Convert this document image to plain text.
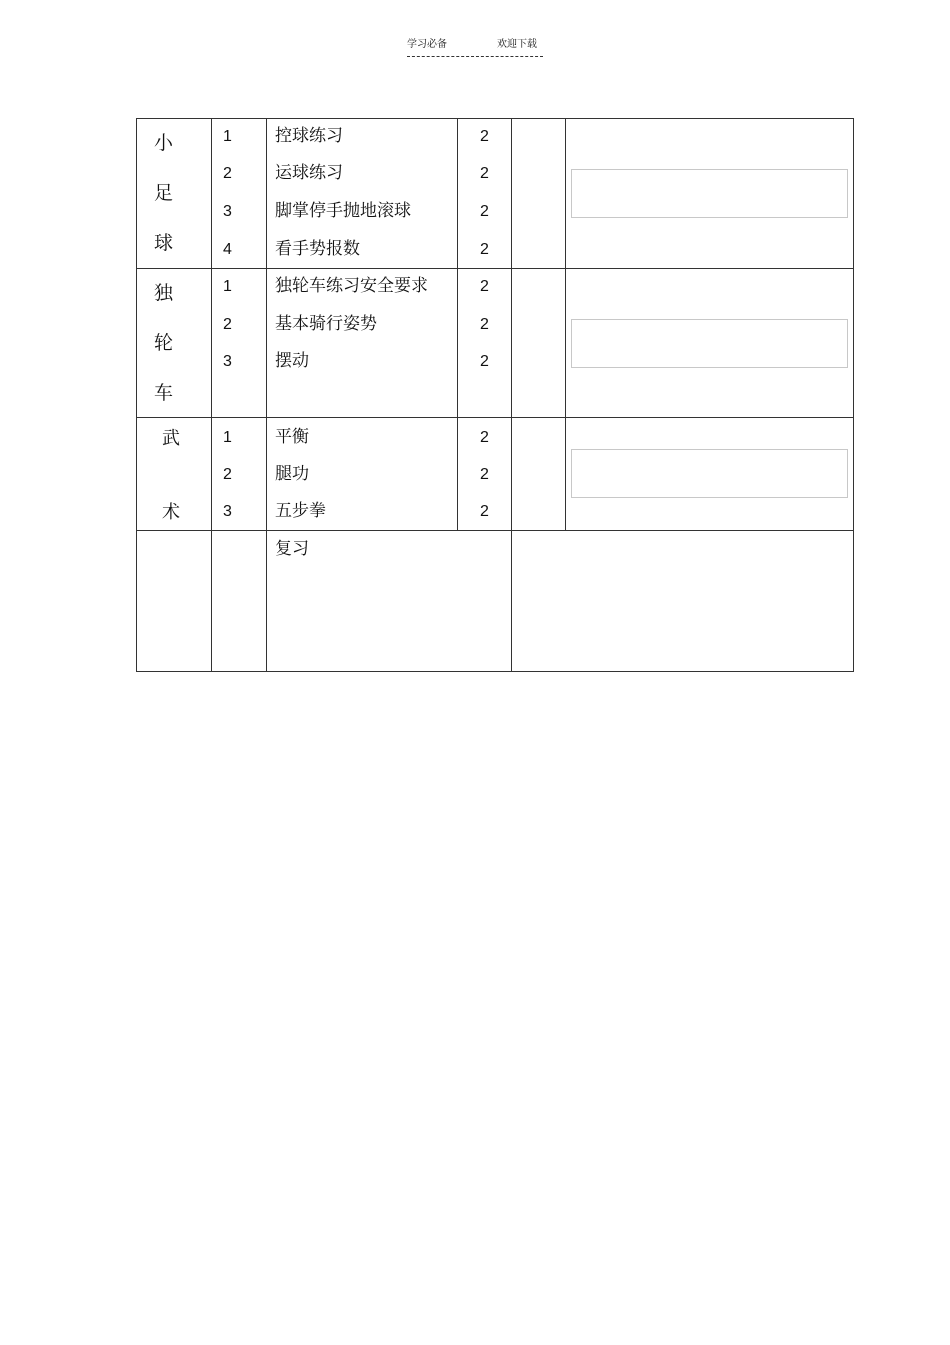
学习必备	欢迎下载
小
足
球
1	控球练习	2
2	运球练习	2
3	脚掌停手抛地滚球	2
4	看手势报数	2
独
轮
车
1	独轮车练习安全要求	2
2	基本骑行姿势	2
3	摆动	2
武
术
1	平衡	2
2	腿功	2
3	五步拳	2
复习
